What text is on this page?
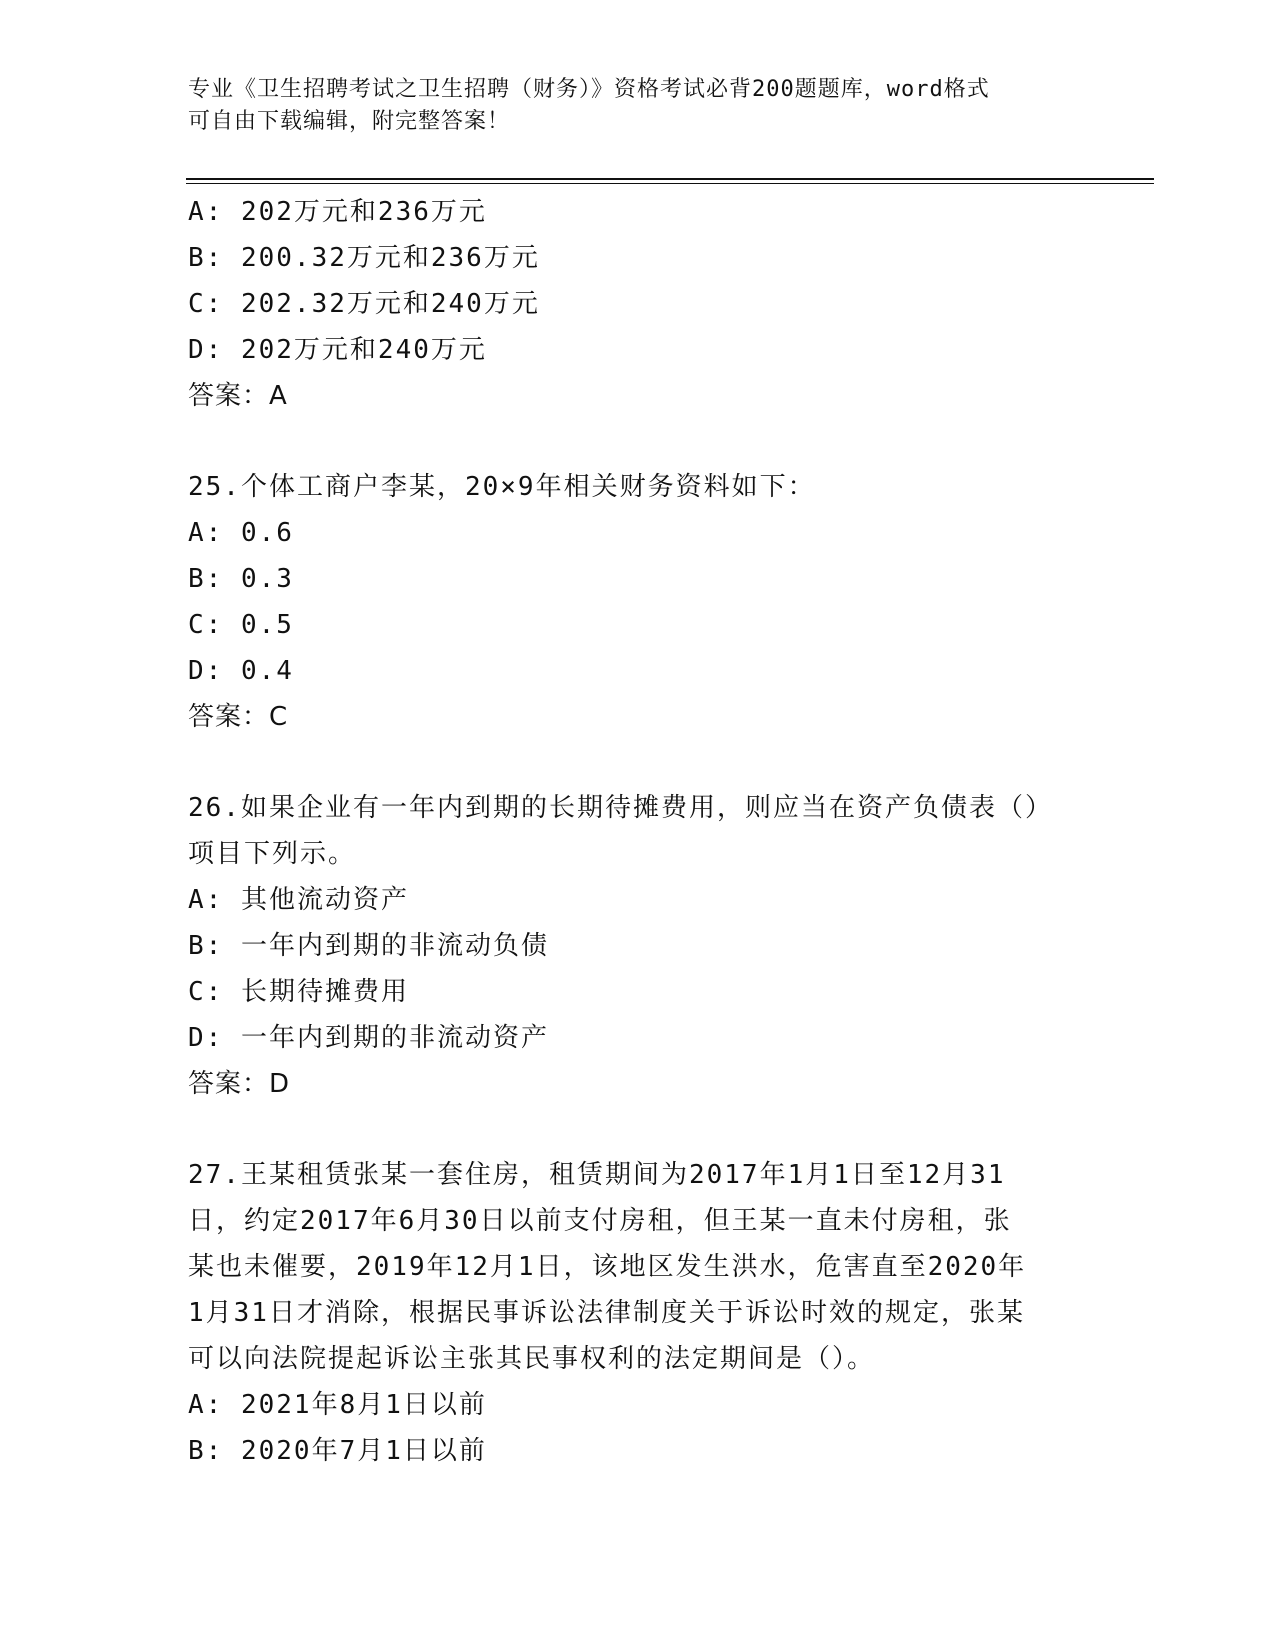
专业《卫生招聘考试之卫生招聘（财务）》资格考试必背200题题库，word格式
可自由下载编辑，附完整答案！
A: 202万元和236万元
B: 200.32万元和236万元
C: 202.32万元和240万元
D: 202万元和240万元
答案：A
25.个体工商户李某，20×9年相关财务资料如下：
A: 0.6
B: 0.3
C: 0.5
D: 0.4
答案：C
26.如果企业有一年内到期的长期待摊费用，则应当在资产负债表（）
项目下列示。
A: 其他流动资产
B: 一年内到期的非流动负债
C: 长期待摊费用
D: 一年内到期的非流动资产
答案：D
27.王某租赁张某一套住房，租赁期间为2017年1月1日至12月31
日，约定2017年6月30日以前支付房租，但王某一直未付房租，张
某也未催要，2019年12月1日，该地区发生洪水，危害直至2020年
1月31日才消除，根据民事诉讼法律制度关于诉讼时效的规定，张某
可以向法院提起诉讼主张其民事权利的法定期间是（）。
A: 2021年8月1日以前
B: 2020年7月1日以前
